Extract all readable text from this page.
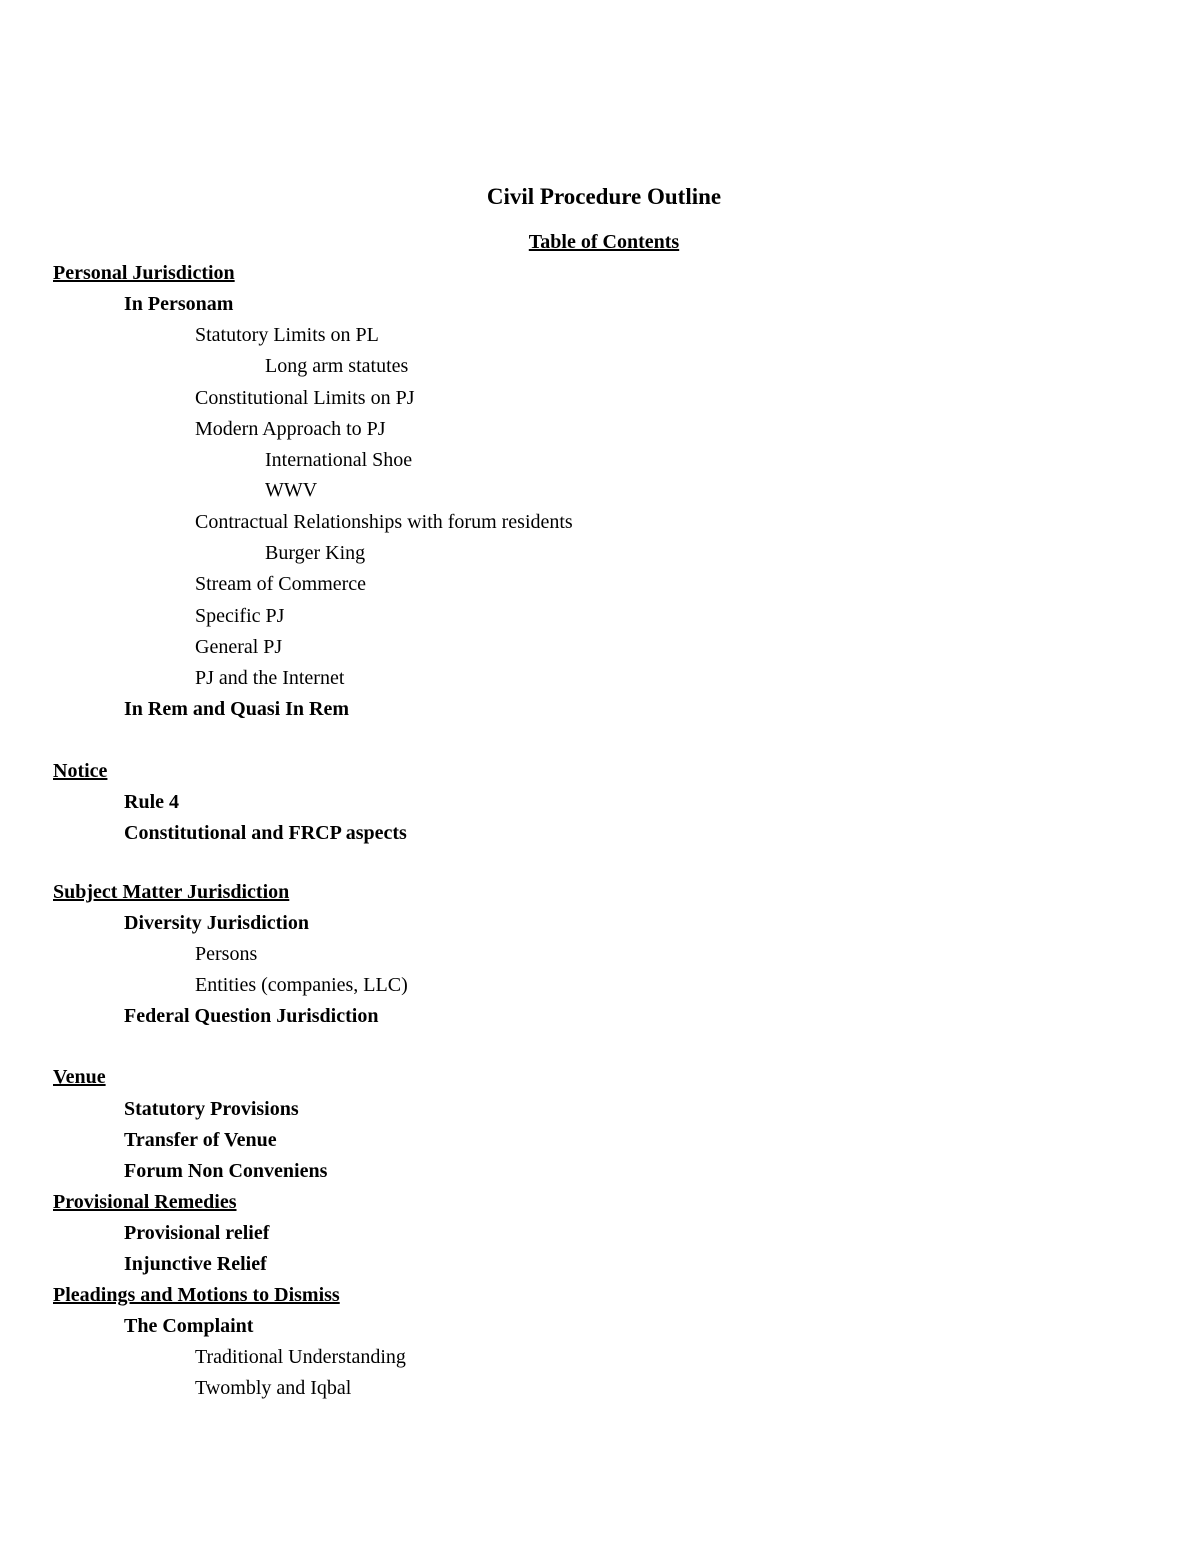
Civil Procedure Outline
Table of Contents
Personal Jurisdiction
In Personam
Statutory Limits on PL
Long arm statutes
Constitutional Limits on PJ
Modern Approach to PJ
International Shoe
WWV
Contractual Relationships with forum residents
Burger King
Stream of Commerce
Specific PJ
General PJ
PJ and the Internet
In Rem and Quasi In Rem
Notice
Rule 4
Constitutional and FRCP aspects
Subject Matter Jurisdiction
Diversity Jurisdiction
Persons
Entities (companies, LLC)
Federal Question Jurisdiction
Venue
Statutory Provisions
Transfer of Venue
Forum Non Conveniens
Provisional Remedies
Provisional relief
Injunctive Relief
Pleadings and Motions to Dismiss
The Complaint
Traditional Understanding
Twombly and Iqbal
